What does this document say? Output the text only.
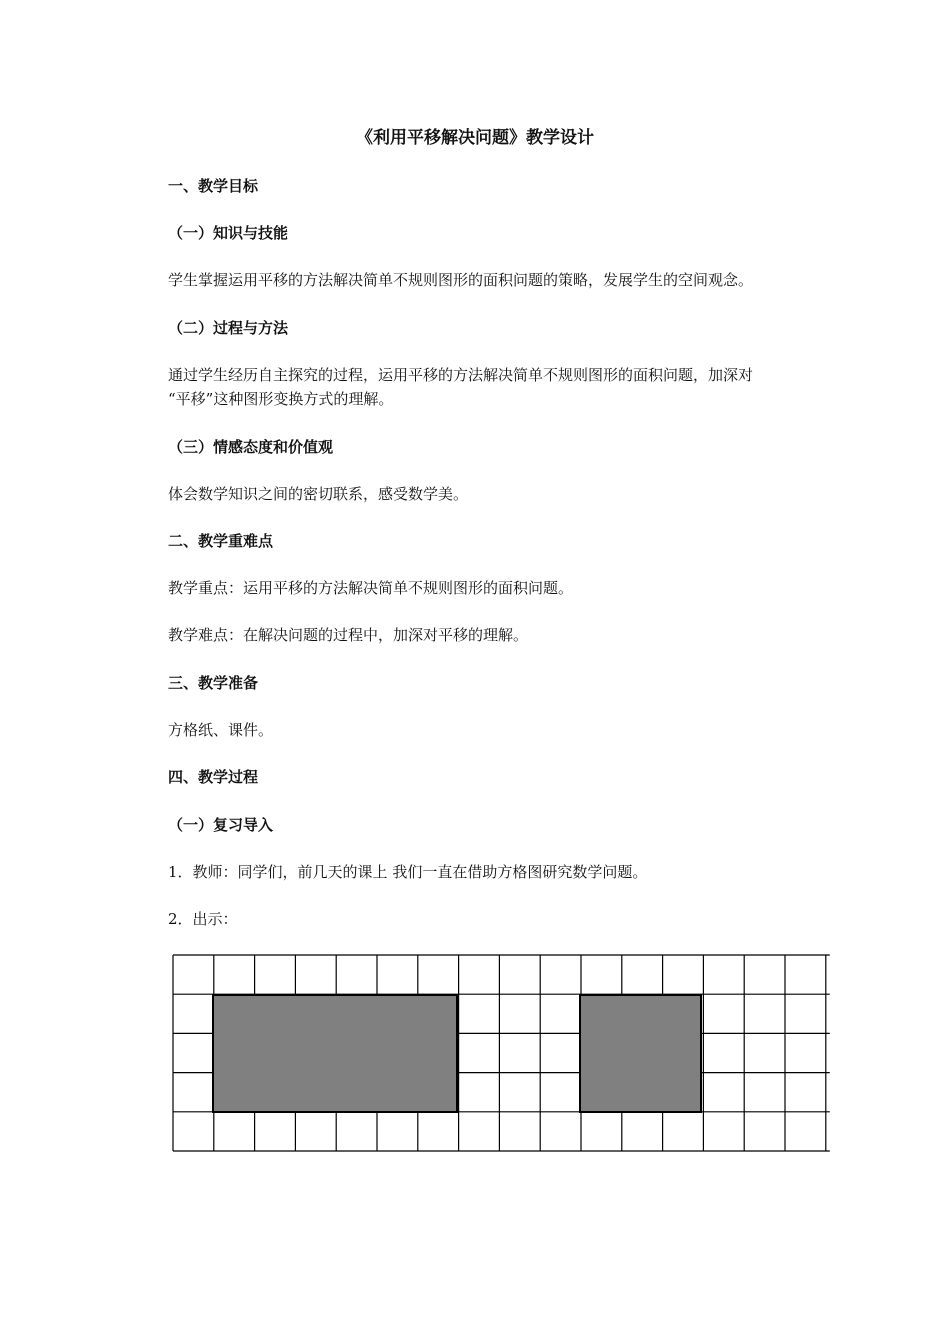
《利用平移解决问题》教学设计
一、教学目标
（一）知识与技能
学生掌握运用平移的方法解决简单不规则图形的面积问题的策略，发展学生的空间观念。
（二）过程与方法
通过学生经历自主探究的过程，运用平移的方法解决简单不规则图形的面积问题，加深对
“平移”这种图形变换方式的理解。
（三）情感态度和价值观
体会数学知识之间的密切联系，感受数学美。
二、教学重难点
教学重点：运用平移的方法解决简单不规则图形的面积问题。
教学难点：在解决问题的过程中，加深对平移的理解。
三、教学准备
方格纸、课件。
四、教学过程
（一）复习导入
1．教师：同学们，前几天的课上 我们一直在借助方格图研究数学问题。
2．出示：
